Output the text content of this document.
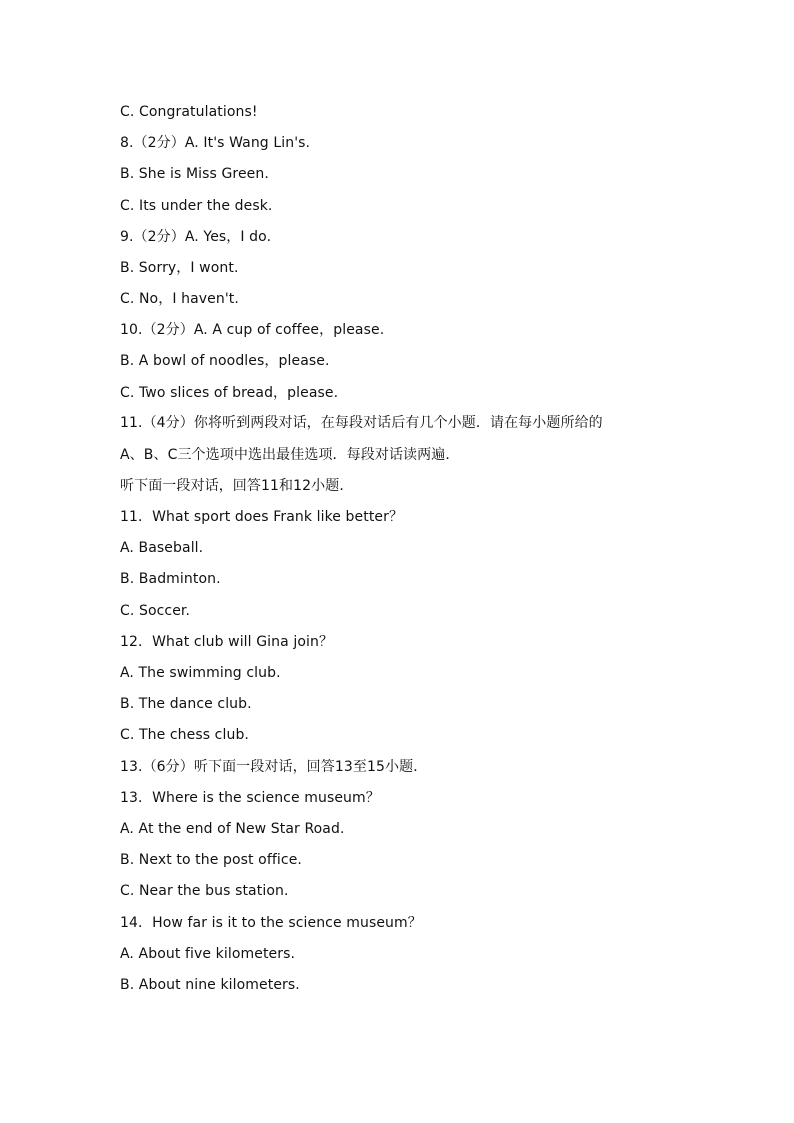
C. Congratulations!
8.（2分）A. It's Wang Lin's.
B. She is Miss Green.
C. Its under the desk.
9.（2分）A. Yes，I do.
B. Sorry，I wont.
C. No，I haven't.
10.（2分）A. A cup of coffee，please.
B. A bowl of noodles，please.
C. Two slices of bread，please.
11.（4分）你将听到两段对话，在每段对话后有几个小题．请在每小题所给的
A、B、C三个选项中选出最佳选项．每段对话读两遍．
听下面一段对话，回答11和12小题．
11．What sport does Frank like better？
A. Baseball.
B. Badminton.
C. Soccer.
12．What club will Gina join？
A. The swimming club.
B. The dance club.
C. The chess club.
13.（6分）听下面一段对话，回答13至15小题．
13．Where is the science museum？
A. At the end of New Star Road.
B. Next to the post office.
C. Near the bus station.
14．How far is it to the science museum？
A. About five kilometers.
B. About nine kilometers.
